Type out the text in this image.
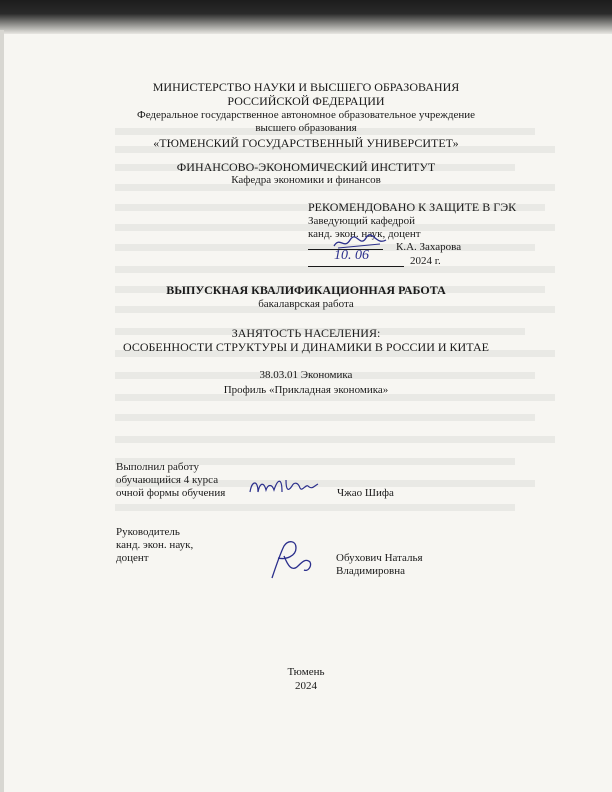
МИНИСТЕРСТВО НАУКИ И ВЫСШЕГО ОБРАЗОВАНИЯ
РОССИЙСКОЙ ФЕДЕРАЦИИ
Федеральное государственное автономное образовательное учреждение
высшего образования
«ТЮМЕНСКИЙ ГОСУДАРСТВЕННЫЙ УНИВЕРСИТЕТ»
ФИНАНСОВО-ЭКОНОМИЧЕСКИЙ ИНСТИТУТ
Кафедра экономики и финансов
РЕКОМЕНДОВАНО К ЗАЩИТЕ В ГЭК
Заведующий кафедрой
канд. экон. наук, доцент
К.А. Захарова
2024 г.
10. 06
ВЫПУСКНАЯ КВАЛИФИКАЦИОННАЯ РАБОТА
бакалаврская работа
ЗАНЯТОСТЬ НАСЕЛЕНИЯ:
ОСОБЕННОСТИ СТРУКТУРЫ И ДИНАМИКИ В РОССИИ И КИТАЕ
38.03.01 Экономика
Профиль «Прикладная экономика»
Выполнил работу
обучающийся 4 курса
очной формы обучения	Чжао Шифа
Руководитель
канд. экон. наук,
доцент	Обухович Наталья
Владимировна
Тюмень
2024
